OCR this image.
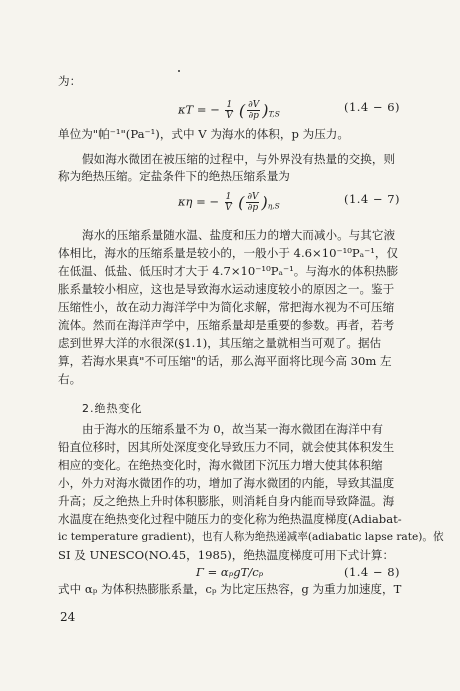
为：
κT = − $\frac{1}{V}$ ( $\frac{\partial V}{\partial p} )_{T,S}$	(1.4 − 6)
单位为"帕⁻¹"(Pa⁻¹)，式中 V 为海水的体积，p 为压力。
假如海水微团在被压缩的过程中，与外界没有热量的交换，则
称为绝热压缩。定盐条件下的绝热压缩系量为
κη = − $\frac{1}{V}$ ( $\frac{\partial V}{\partial p} )_{\eta,S}$	(1.4 − 7)
海水的压缩系量随水温、盐度和压力的增大而减小。与其它液
体相比，海水的压缩系量是较小的，一般小于 4.6×10⁻¹⁰Pₐ⁻¹，仅
在低温、低盐、低压时才大于 4.7×10⁻¹⁰Pₐ⁻¹。与海水的体积热膨
胀系量较小相应，这也是导致海水运动速度较小的原因之一。鉴于
压缩性小，故在动力海洋学中为简化求解，常把海水视为不可压缩
流体。然而在海洋声学中，压缩系量却是重要的参数。再者，若考
虑到世界大洋的水很深(§1.1)，其压缩之量就相当可观了。据估
算，若海水果真"不可压缩"的话，那么海平面将比现今高 30m 左
右。
2.绝热变化
由于海水的压缩系量不为 0，故当某一海水微团在海洋中有
铅直位移时，因其所处深度变化导致压力不同，就会使其体积发生
相应的变化。在绝热变化时，海水微团下沉压力增大使其体积缩
小，外力对海水微团作的功，增加了海水微团的内能，导致其温度
升高；反之绝热上升时体积膨胀，则消耗自身内能而导致降温。海
水温度在绝热变化过程中随压力的变化称为绝热温度梯度(Adiabat-
ic temperature gradient)，也有人称为绝热递减率(adiabatic lapse rate)。依
SI 及 UNESCO(NO.45，1985)，绝热温度梯度可用下式计算：
Γ = αₚgT/cₚ	(1.4 − 8)
式中 αₚ 为体积热膨胀系量，cₚ 为比定压热容，g 为重力加速度，T
24
